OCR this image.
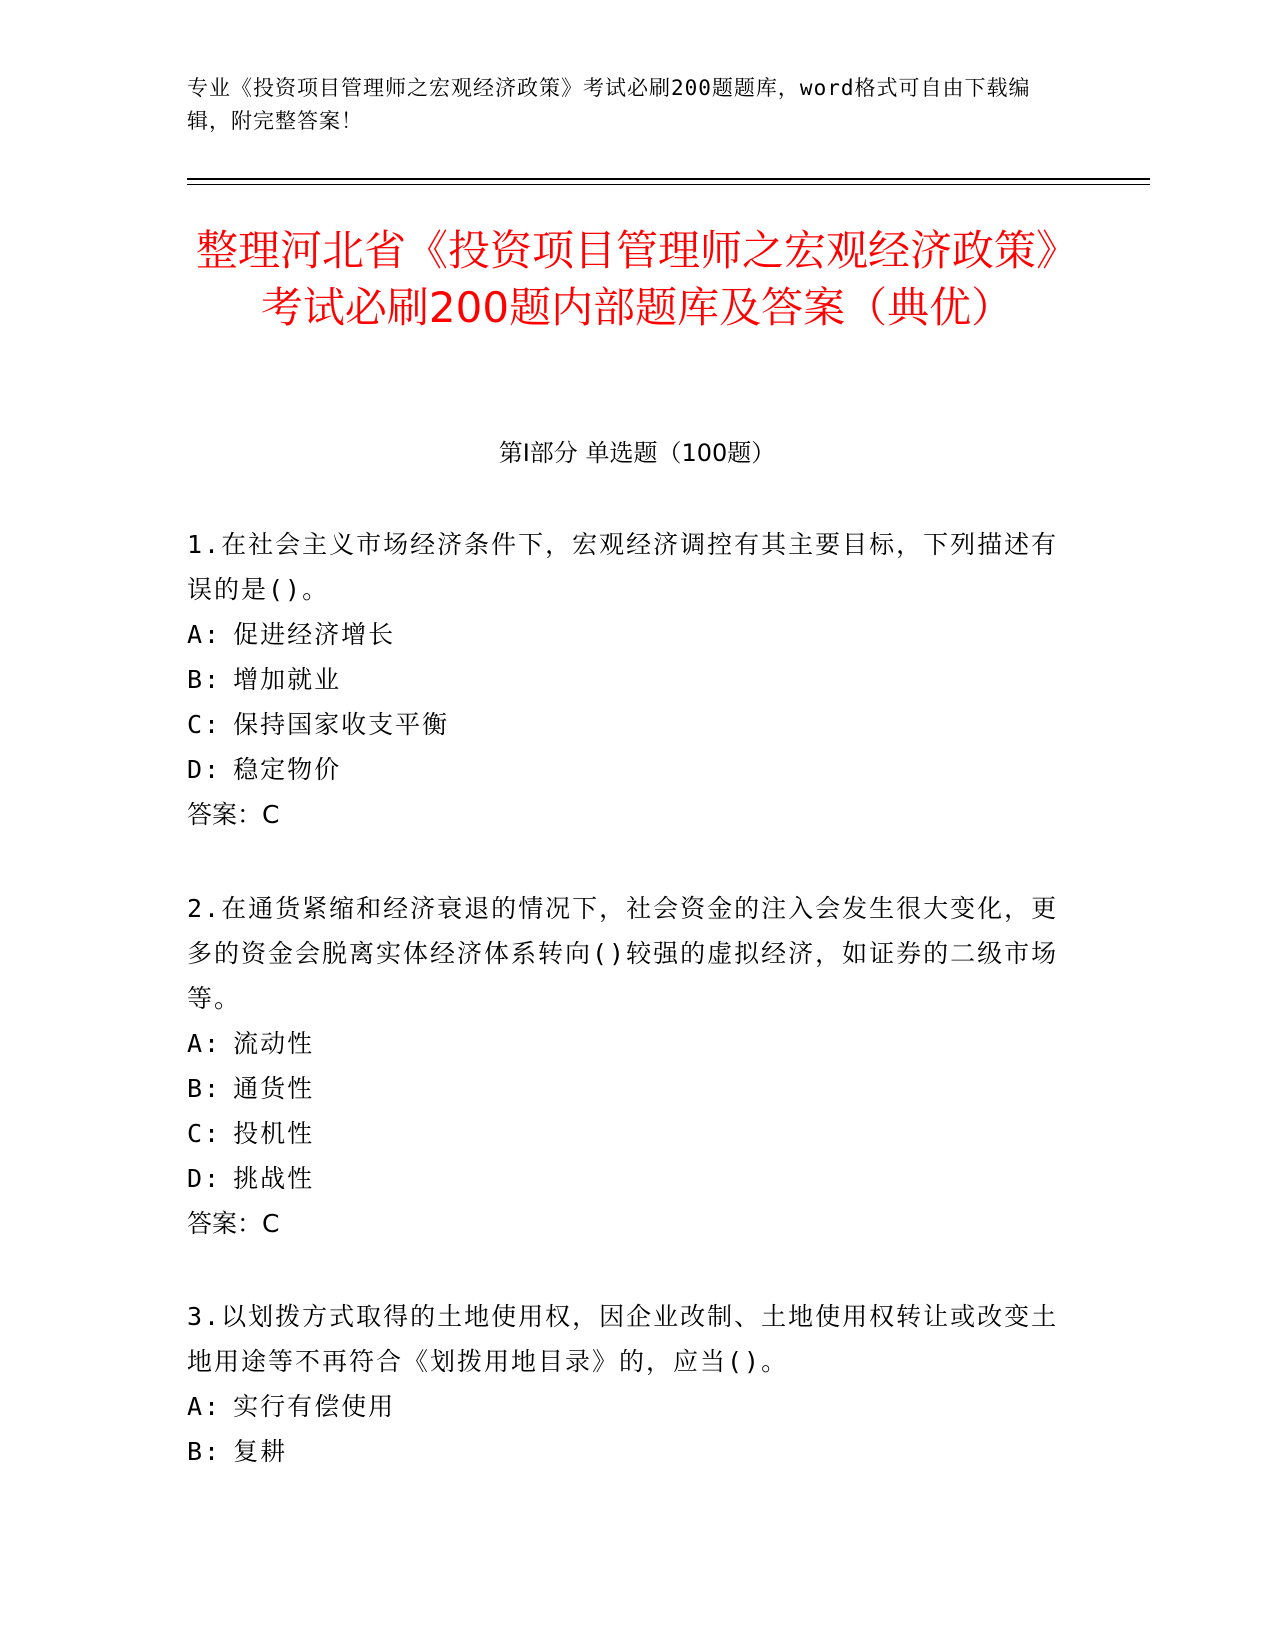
专业《投资项目管理师之宏观经济政策》考试必刷200题题库，word格式可自由下载编辑，附完整答案！
整理河北省《投资项目管理师之宏观经济政策》考试必刷200题内部题库及答案（典优）
第I部分 单选题（100题）
1.在社会主义市场经济条件下，宏观经济调控有其主要目标，下列描述有误的是()。
A: 促进经济增长
B: 增加就业
C: 保持国家收支平衡
D: 稳定物价
答案：C
2.在通货紧缩和经济衰退的情况下，社会资金的注入会发生很大变化，更多的资金会脱离实体经济体系转向()较强的虚拟经济，如证券的二级市场等。
A: 流动性
B: 通货性
C: 投机性
D: 挑战性
答案：C
3.以划拨方式取得的土地使用权，因企业改制、土地使用权转让或改变土地用途等不再符合《划拨用地目录》的，应当()。
A: 实行有偿使用
B: 复耕
